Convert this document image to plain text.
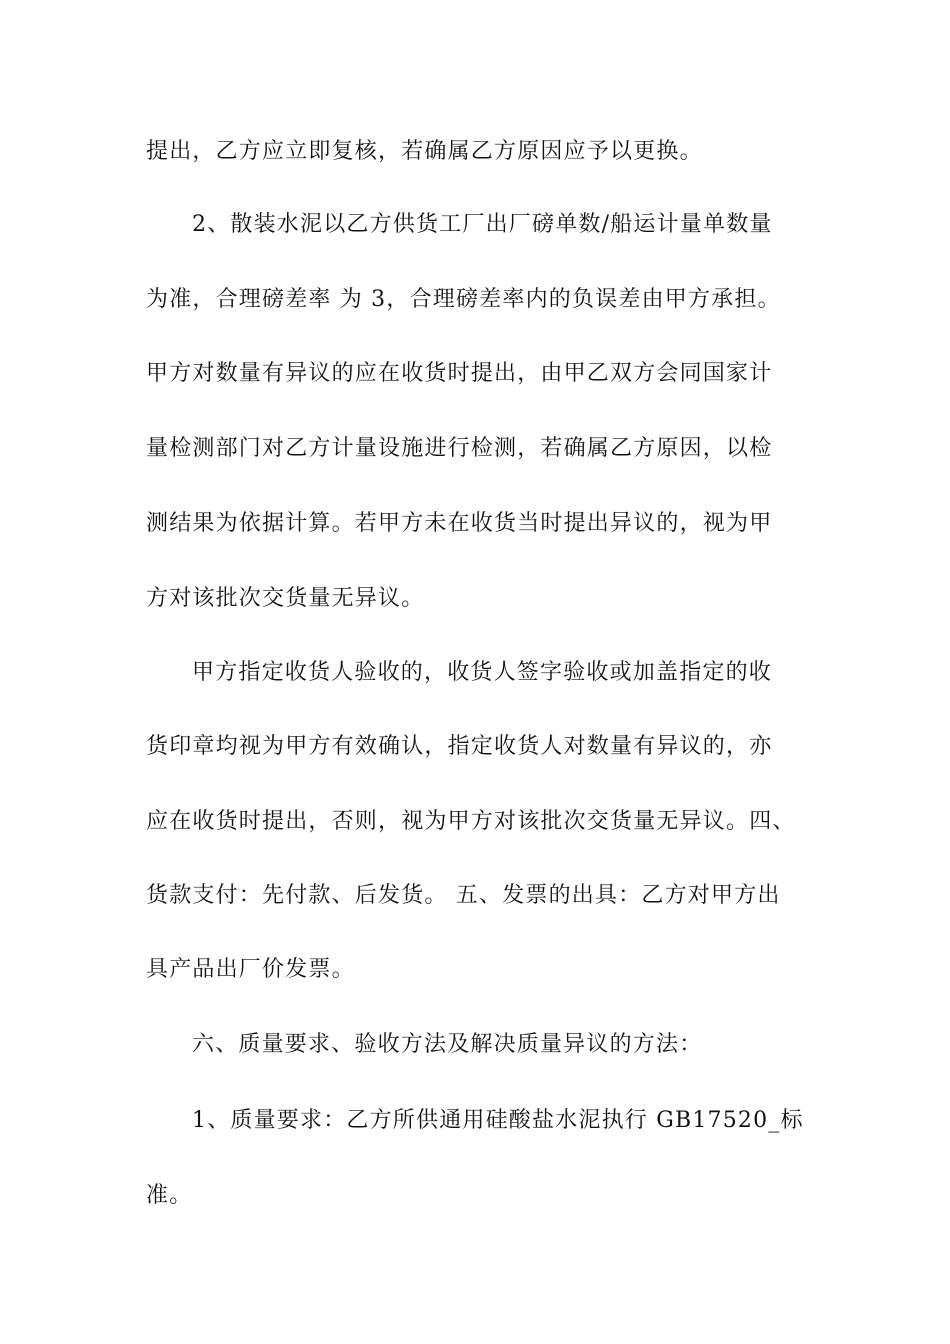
提出，乙方应立即复核，若确属乙方原因应予以更换。
2、散装水泥以乙方供货工厂出厂磅单数/船运计量单数量
为准，合理磅差率 为 3，合理磅差率内的负误差由甲方承担。
甲方对数量有异议的应在收货时提出，由甲乙双方会同国家计
量检测部门对乙方计量设施进行检测，若确属乙方原因，以检
测结果为依据计算。若甲方未在收货当时提出异议的，视为甲
方对该批次交货量无异议。
甲方指定收货人验收的，收货人签字验收或加盖指定的收
货印章均视为甲方有效确认，指定收货人对数量有异议的，亦
应在收货时提出，否则，视为甲方对该批次交货量无异议。四、
货款支付：先付款、后发货。 五、发票的出具：乙方对甲方出
具产品出厂价发票。
六、质量要求、验收方法及解决质量异议的方法：
1、质量要求：乙方所供通用硅酸盐水泥执行 GB17520_标
准。
